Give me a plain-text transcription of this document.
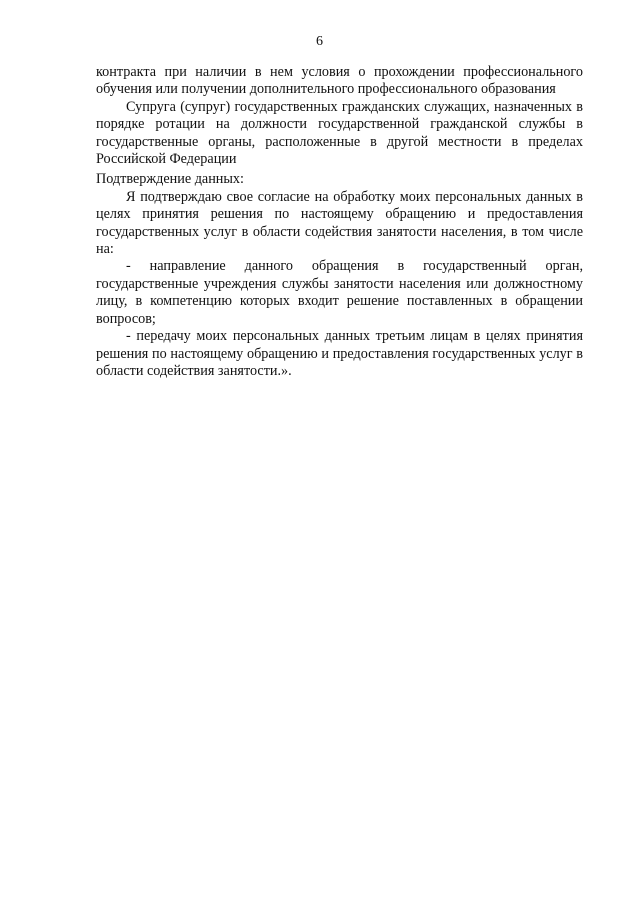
6

контракта при наличии в нем условия о прохождении профессионального обучения или получении дополнительного профессионального образования

Супруга (супруг) государственных гражданских служащих, назначенных в порядке ротации на должности государственной гражданской службы в государственные органы, расположенные в другой местности в пределах Российской Федерации

Подтверждение данных:

Я подтверждаю свое согласие на обработку моих персональных данных в целях принятия решения по настоящему обращению и предоставления государственных услуг в области содействия занятости населения, в том числе на:

- направление данного обращения в государственный орган, государственные учреждения службы занятости населения или должностному лицу, в компетенцию которых входит решение поставленных в обращении вопросов;

- передачу моих персональных данных третьим лицам в целях принятия решения по настоящему обращению и предоставления государственных услуг в области содействия занятости.».
